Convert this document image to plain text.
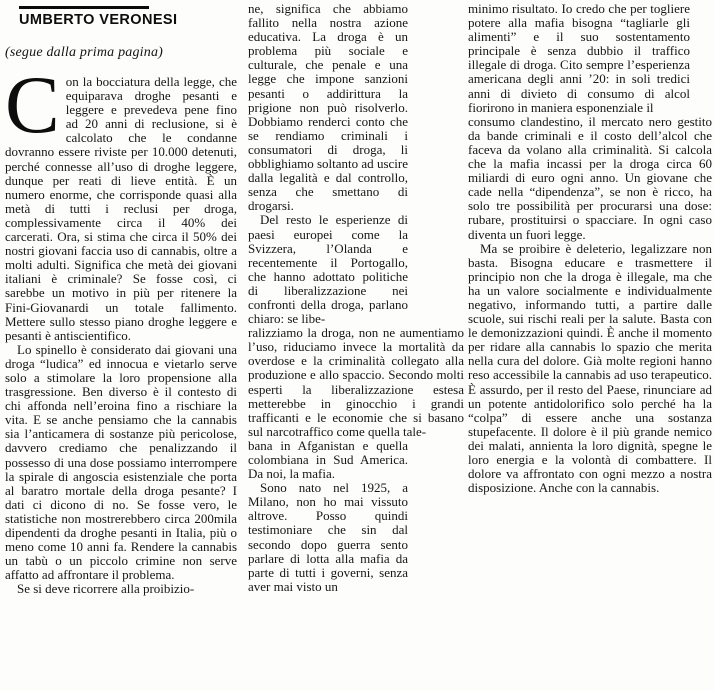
UMBERTO VERONESI
(segue dalla prima pagina)

Con la bocciatura della legge, che equiparava droghe pesanti e leggere e prevedeva pene fino ad 20 anni di reclusione, si è calcolato che le condanne dovranno essere riviste per 10.000 detenuti, perché connesse all’uso di droghe leggere, dunque per reati di lieve entità. È un numero enorme, che corrisponde quasi alla metà di tutti i reclusi per droga, complessivamente circa il 40% dei carcerati. Ora, si stima che circa il 50% dei nostri giovani faccia uso di cannabis, oltre a molti adulti. Significa che metà dei giovani italiani è criminale? Se fosse così, ci sarebbe un motivo in più per ritenere la Fini-Giovanardi un totale fallimento. Mettere sullo stesso piano droghe leggere e pesanti è antiscientifico.

Lo spinello è considerato dai giovani una droga “ludica” ed innocua e vietarlo serve solo a stimolare la loro propensione alla trasgressione. Ben diverso è il contesto di chi affonda nell’eroina fino a rischiare la vita. E se anche pensiamo che la cannabis sia l’anticamera di sostanze più pericolose, davvero crediamo che penalizzando il possesso di una dose possiamo interrompere la spirale di angoscia esistenziale che porta al baratro mortale della droga pesante? I dati ci dicono di no. Se fosse vero, le statistiche non mostrerebbero circa 200mila dipendenti da droghe pesanti in Italia, più o meno come 10 anni fa. Rendere la cannabis un tabù o un piccolo crimine non serve affatto ad affrontare il problema.

Se si deve ricorrere alla proibizio-

ne, significa che abbiamo fallito nella nostra azione educativa. La droga è un problema più sociale e culturale, che penale e una legge che impone sanzioni pesanti o addirittura la prigione non può risolverlo. Dobbiamo renderci conto che se rendiamo criminali i consumatori di droga, li obblighiamo soltanto ad uscire dalla legalità e dal controllo, senza che smettano di drogarsi.

Del resto le esperienze di paesi europei come la Svizzera, l’Olanda e recentemente il Portogallo, che hanno adottato politiche di liberalizzazione nei confronti della droga, parlano chiaro: se libe-

ralizziamo la droga, non ne aumentiamo l’uso, riduciamo invece la mortalità da overdose e la criminalità collegato alla produzione e allo spaccio. Secondo molti esperti la liberalizzazione estesa metterebbe in ginocchio i grandi trafficanti e le economie che si basano sul narcotraffico come quella tale-

bana in Afganistan e quella colombiana in Sud America. Da noi, la mafia.

Sono nato nel 1925, a Milano, non ho mai vissuto altrove. Posso quindi testimoniare che sin dal secondo dopo guerra sento parlare di lotta alla mafia da parte di tutti i governi, senza aver mai visto un

minimo risultato. Io credo che per togliere potere alla mafia bisogna “tagliarle gli alimenti” e il suo sostentamento principale è senza dubbio il traffico illegale di droga. Cito sempre l’esperienza americana degli anni ’20: in soli tredici anni di divieto di consumo di alcol fiorirono in maniera esponenziale il

consumo clandestino, il mercato nero gestito da bande criminali e il costo dell’alcol che faceva da volano alla criminalità. Si calcola che la mafia incassi per la droga circa 60 miliardi di euro ogni anno. Un giovane che cade nella “dipendenza”, se non è ricco, ha solo tre possibilità per procurarsi una dose: rubare, prostituirsi o spacciare. In ogni caso diventa un fuori legge.

Ma se proibire è deleterio, legalizzare non basta. Bisogna educare e trasmettere il principio non che la droga è illegale, ma che ha un valore socialmente e individualmente negativo, informando tutti, a partire dalle scuole, sui rischi reali per la salute. Basta con le demonizzazioni quindi. È anche il momento per ridare alla cannabis lo spazio che merita nella cura del dolore. Già molte regioni hanno reso accessibile la cannabis ad uso terapeutico. È assurdo, per il resto del Paese, rinunciare ad un potente antidolorifico solo perché ha la “colpa” di essere anche una sostanza stupefacente. Il dolore è il più grande nemico dei malati, annienta la loro dignità, spegne le loro energia e la volontà di combattere. Il dolore va affrontato con ogni mezzo a nostra disposizione. Anche con la cannabis.
